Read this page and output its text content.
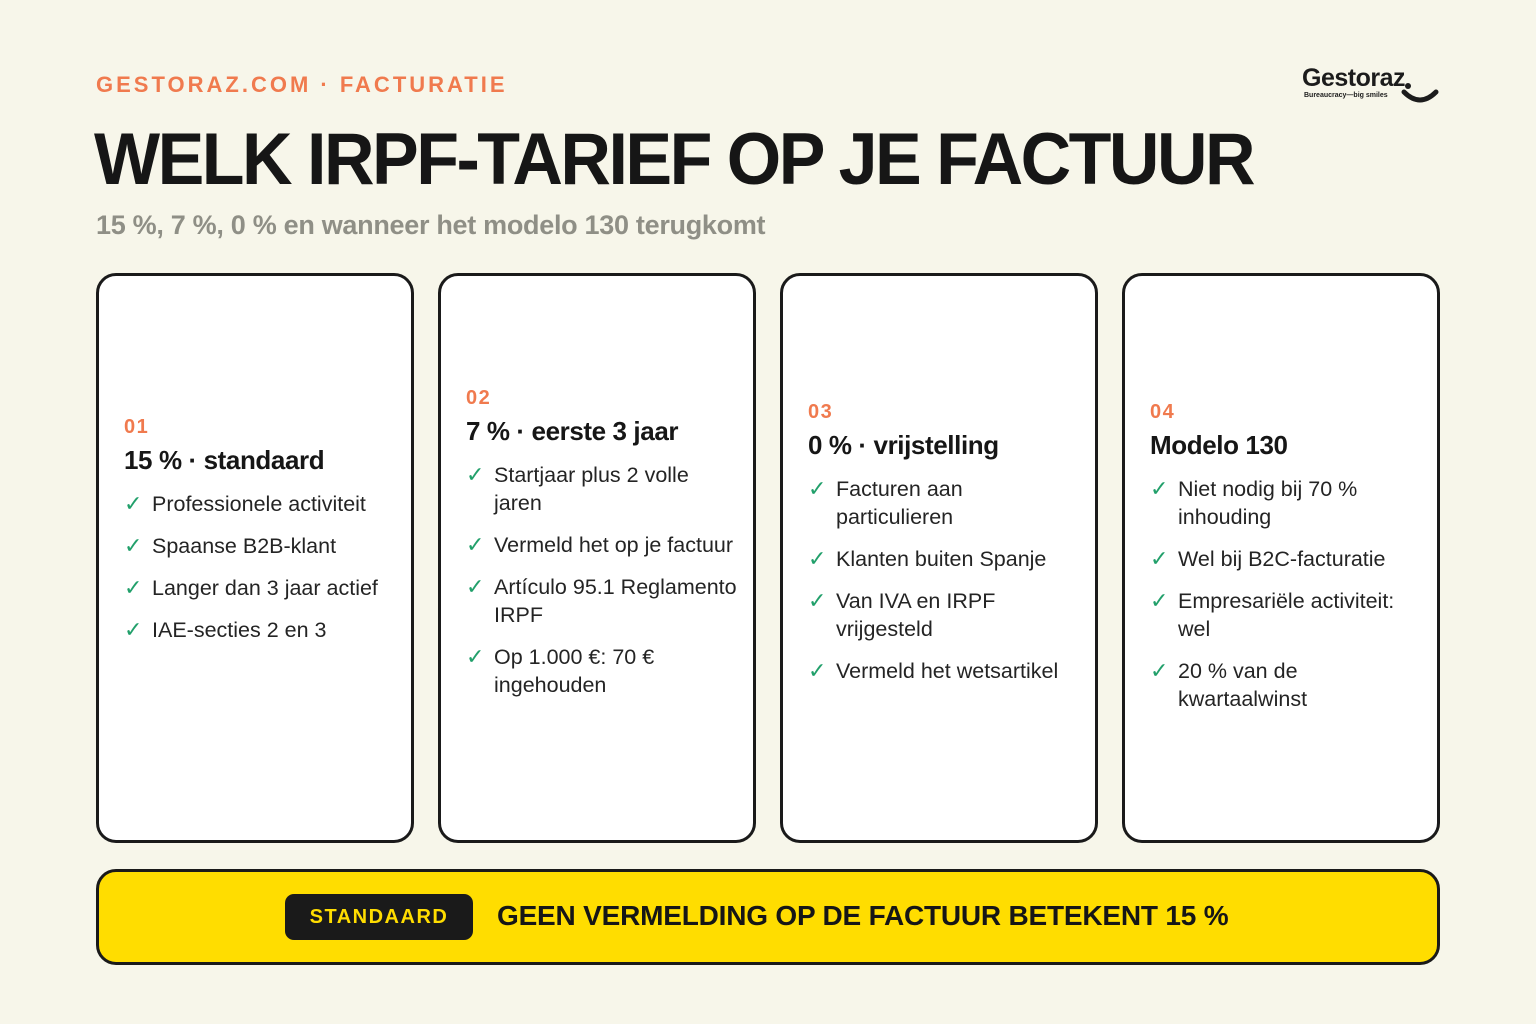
GESTORAZ.COM · FACTURATIE	Gestoraz
Bureaucracy—big smiles
WELK IRPF-TARIEF OP JE FACTUUR
15 %, 7 %, 0 % en wanneer het modelo 130 terugkomt
01
15 % · standaard
✓ Professionele activiteit
✓ Spaanse B2B-klant
✓ Langer dan 3 jaar actief
✓ IAE-secties 2 en 3
02
7 % · eerste 3 jaar
✓ Startjaar plus 2 volle jaren
✓ Vermeld het op je factuur
✓ Artículo 95.1 Reglamento IRPF
✓ Op 1.000 €: 70 € ingehouden
03
0 % · vrijstelling
✓ Facturen aan particulieren
✓ Klanten buiten Spanje
✓ Van IVA en IRPF vrijgesteld
✓ Vermeld het wetsartikel
04
Modelo 130
✓ Niet nodig bij 70 % inhouding
✓ Wel bij B2C-facturatie
✓ Empresariële activiteit: wel
✓ 20 % van de kwartaalwinst
STANDAARD	GEEN VERMELDING OP DE FACTUUR BETEKENT 15 %
